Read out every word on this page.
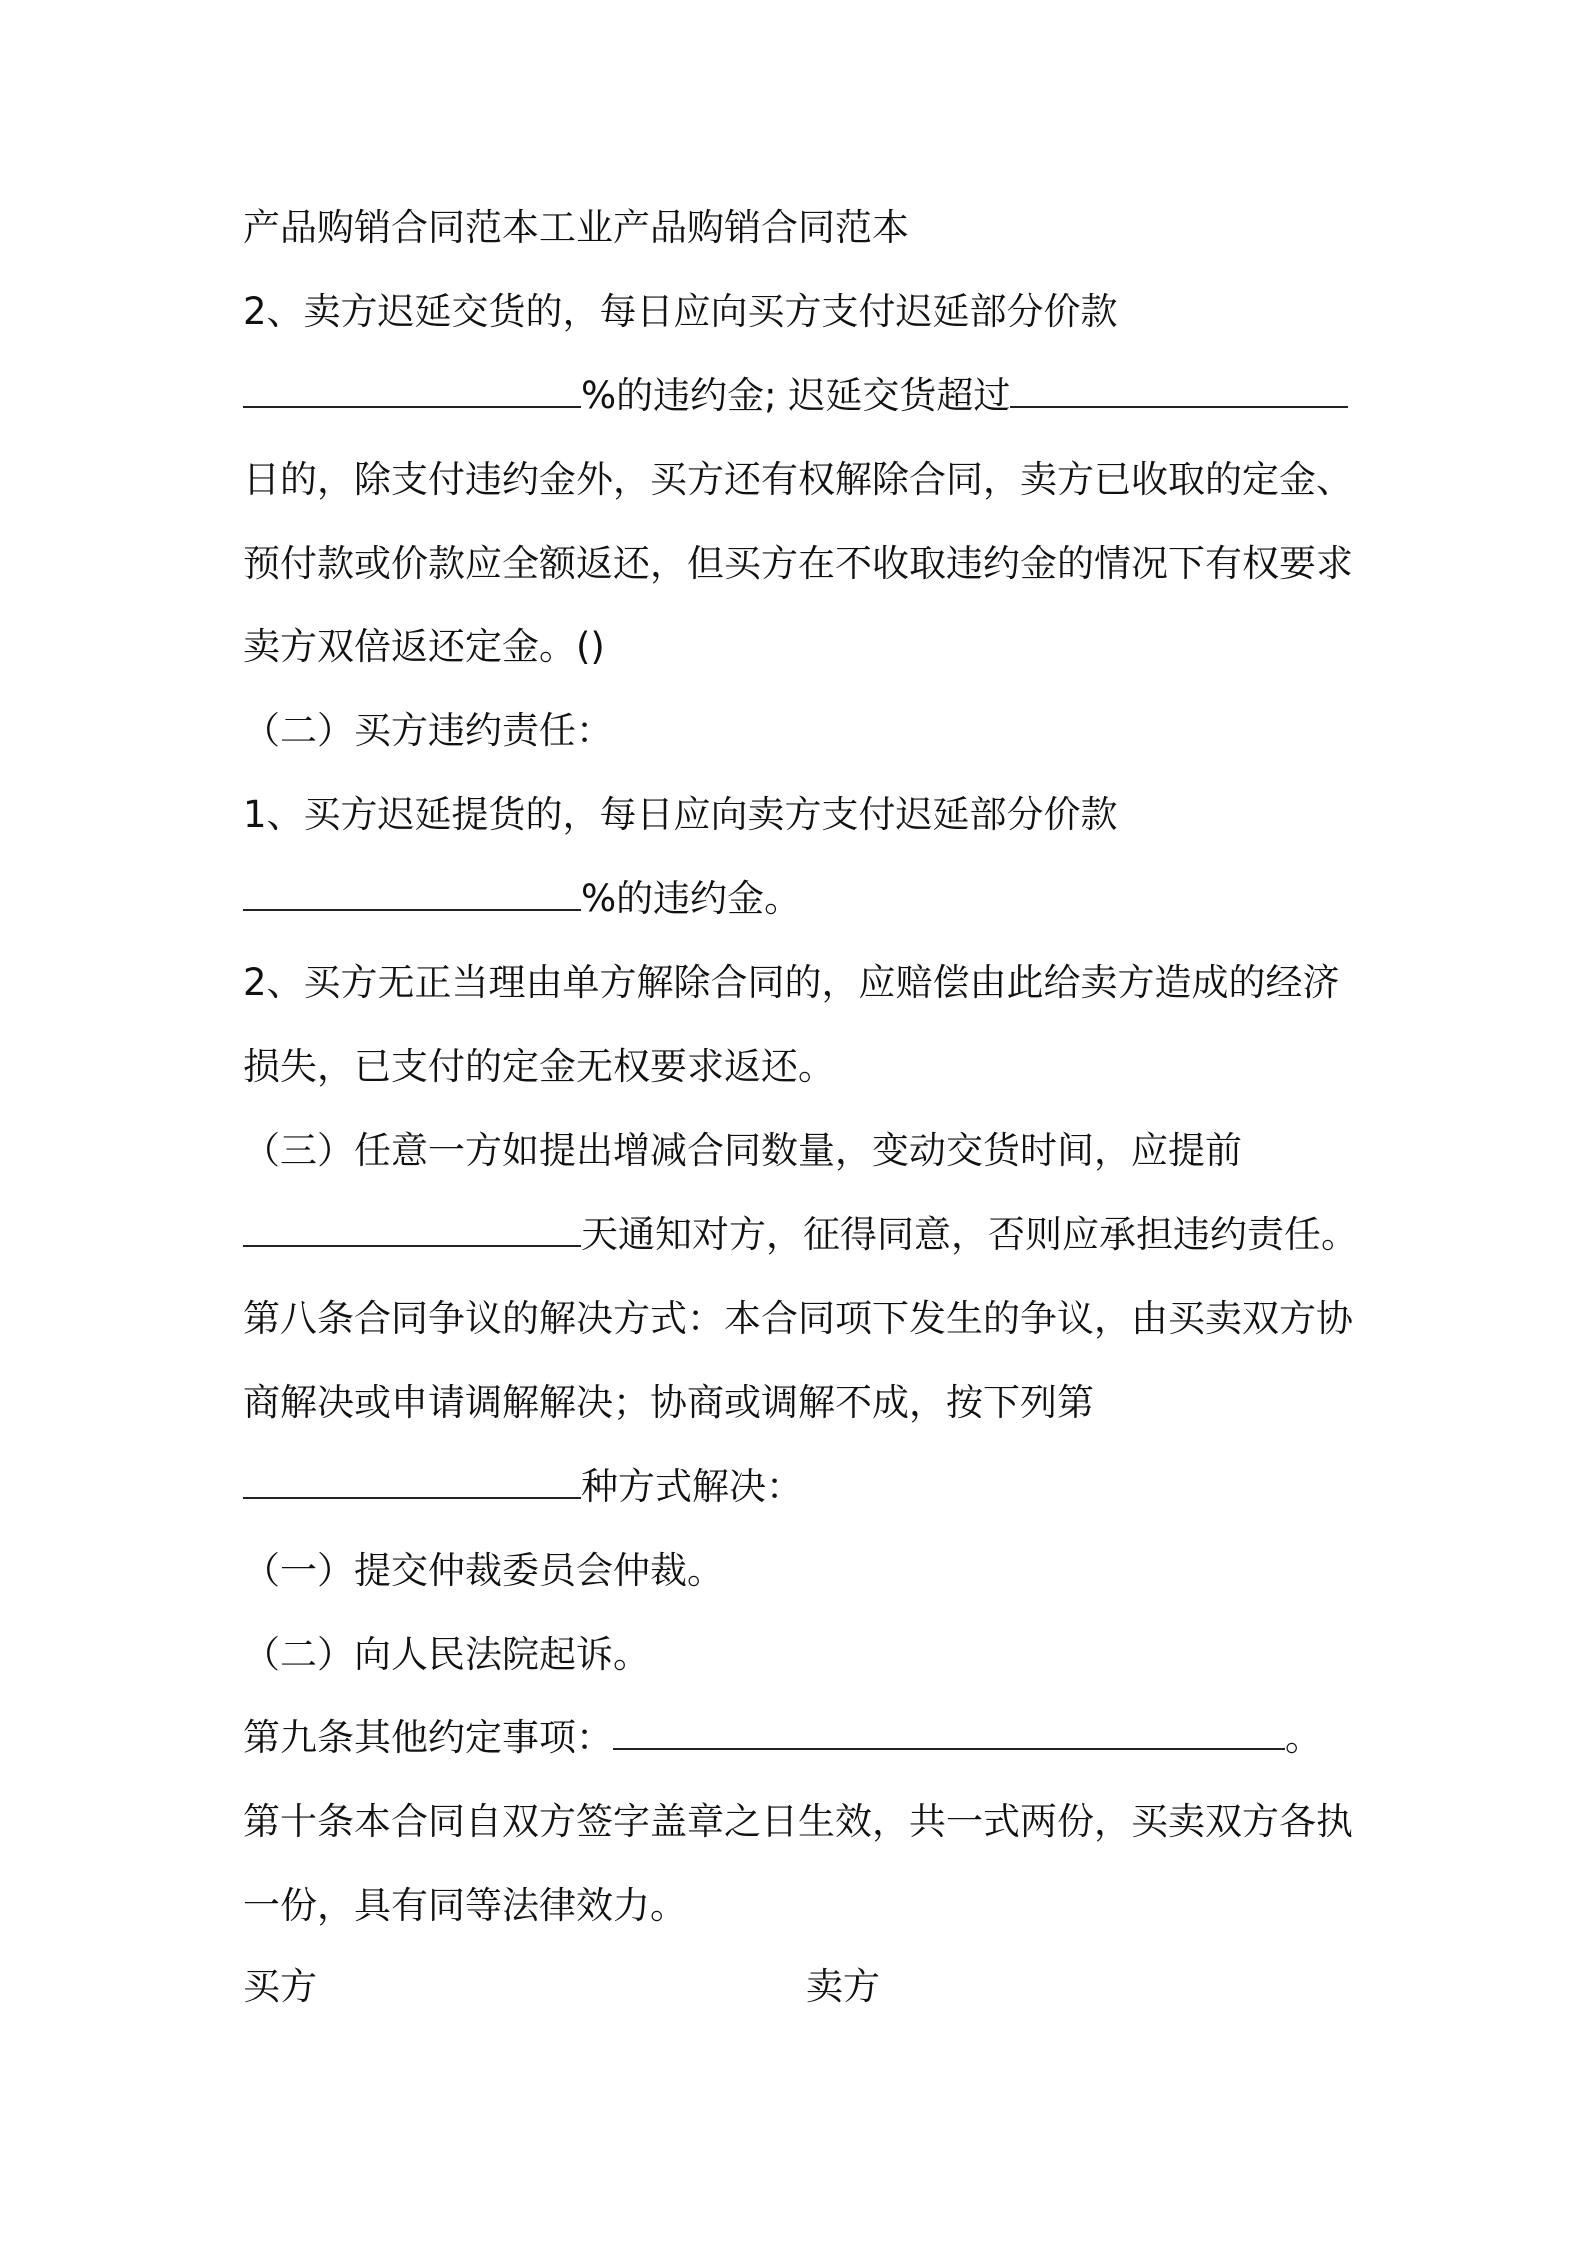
产品购销合同范本工业产品购销合同范本
2、卖方迟延交货的，每日应向买方支付迟延部分价款
%的违约金; 迟延交货超过
日的，除支付违约金外，买方还有权解除合同，卖方已收取的定金、
预付款或价款应全额返还，但买方在不收取违约金的情况下有权要求
卖方双倍返还定金。()
（二）买方违约责任：
1、买方迟延提货的，每日应向卖方支付迟延部分价款
%的违约金。
2、买方无正当理由单方解除合同的，应赔偿由此给卖方造成的经济
损失，已支付的定金无权要求返还。
（三）任意一方如提出增减合同数量，变动交货时间，应提前
天通知对方，征得同意，否则应承担违约责任。
第八条合同争议的解决方式：本合同项下发生的争议，由买卖双方协
商解决或申请调解解决；协商或调解不成，按下列第
种方式解决：
（一）提交仲裁委员会仲裁。
（二）向人民法院起诉。
第九条其他约定事项：	。
第十条本合同自双方签字盖章之日生效，共一式两份，买卖双方各执
一份，具有同等法律效力。
买方	卖方
